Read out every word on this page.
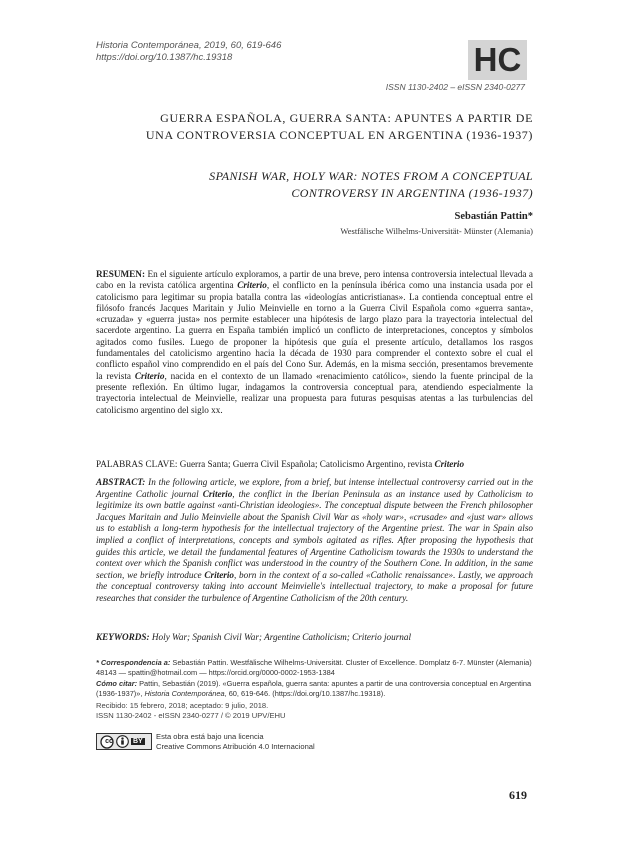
Historia Contemporánea, 2019, 60, 619-646
https://doi.org/10.1387/hc.19318	HC
ISSN 1130-2402 – eISSN 2340-0277
GUERRA ESPAÑOLA, GUERRA SANTA: APUNTES A PARTIR DE
UNA CONTROVERSIA CONCEPTUAL EN ARGENTINA (1936-1937)
SPANISH WAR, HOLY WAR: NOTES FROM A CONCEPTUAL
CONTROVERSY IN ARGENTINA (1936-1937)
Sebastián Pattin*
Westfälische Wilhelms-Universität- Münster (Alemania)
RESUMEN: En el siguiente artículo exploramos, a partir de una breve, pero intensa controversia intelectual llevada a cabo en la revista católica argentina Criterio, el conflicto en la península ibérica como una instancia usada por el catolicismo para legitimar su propia batalla contra las «ideologías anticristianas». La contienda conceptual entre el filósofo francés Jacques Maritain y Julio Meinvielle en torno a la Guerra Civil Española como «guerra santa», «cruzada» y «guerra justa» nos permite establecer una hipótesis de largo plazo para la trayectoria intelectual del sacerdote argentino. La guerra en España también implicó un conflicto de interpretaciones, conceptos y símbolos agitados como fusiles. Luego de proponer la hipótesis que guía el presente artículo, detallamos los rasgos fundamentales del catolicismo argentino hacia la década de 1930 para comprender el contexto sobre el cual el conflicto español vino comprendido en el país del Cono Sur. Además, en la misma sección, presentamos brevemente la revista Criterio, nacida en el contexto de un llamado «renacimiento católico», siendo la fuente principal de la presente reflexión. En último lugar, indagamos la controversia conceptual para, atendiendo especialmente la trayectoria intelectual de Meinvielle, realizar una propuesta para futuras pesquisas atentas a las turbulencias del catolicismo argentino del siglo xx.
PALABRAS CLAVE: Guerra Santa; Guerra Civil Española; Catolicismo Argentino, revista Criterio
ABSTRACT: In the following article, we explore, from a brief, but intense intellectual controversy carried out in the Argentine Catholic journal Criterio, the conflict in the Iberian Peninsula as an instance used by Catholicism to legitimize its own battle against «anti-Christian ideologies». The conceptual dispute between the French philosopher Jacques Maritain and Julio Meinvielle about the Spanish Civil War as «holy war», «crusade» and «just war» allows us to establish a long-term hypothesis for the intellectual trajectory of the Argentine priest. The war in Spain also implied a conflict of interpretations, concepts and symbols agitated as rifles. After proposing the hypothesis that guides this article, we detail the fundamental features of Argentine Catholicism towards the 1930s to understand the context over which the Spanish conflict was understood in the country of the Southern Cone. In addition, in the same section, we briefly introduce Criterio, born in the context of a so-called «Catholic renaissance». Lastly, we approach the conceptual controversy taking into account Meinvielle's intellectual trajectory, to make a proposal for future researches that consider the turbulence of Argentine Catholicism of the 20th century.
KEYWORDS: Holy War; Spanish Civil War; Argentine Catholicism; Criterio journal
* Correspondencia a: Sebastián Pattin. Westfälische Wilhelms-Universität. Cluster of Excellence. Domplatz 6-7. Münster (Alemania) 48143 — spattin@hotmail.com — https://orcid.org/0000-0002-1953-1384
Cómo citar: Pattin, Sebastián (2019). «Guerra española, guerra santa: apuntes a partir de una controversia conceptual en Argentina (1936-1937)», Historia Contemporánea, 60, 619-646. (https://doi.org/10.1387/hc.19318).
Recibido: 15 febrero, 2018; aceptado: 9 julio, 2018.
ISSN 1130-2402 - eISSN 2340-0277 / © 2019 UPV/EHU
cc	BY
Esta obra está bajo una licencia
Creative Commons Atribución 4.0 Internacional
619
